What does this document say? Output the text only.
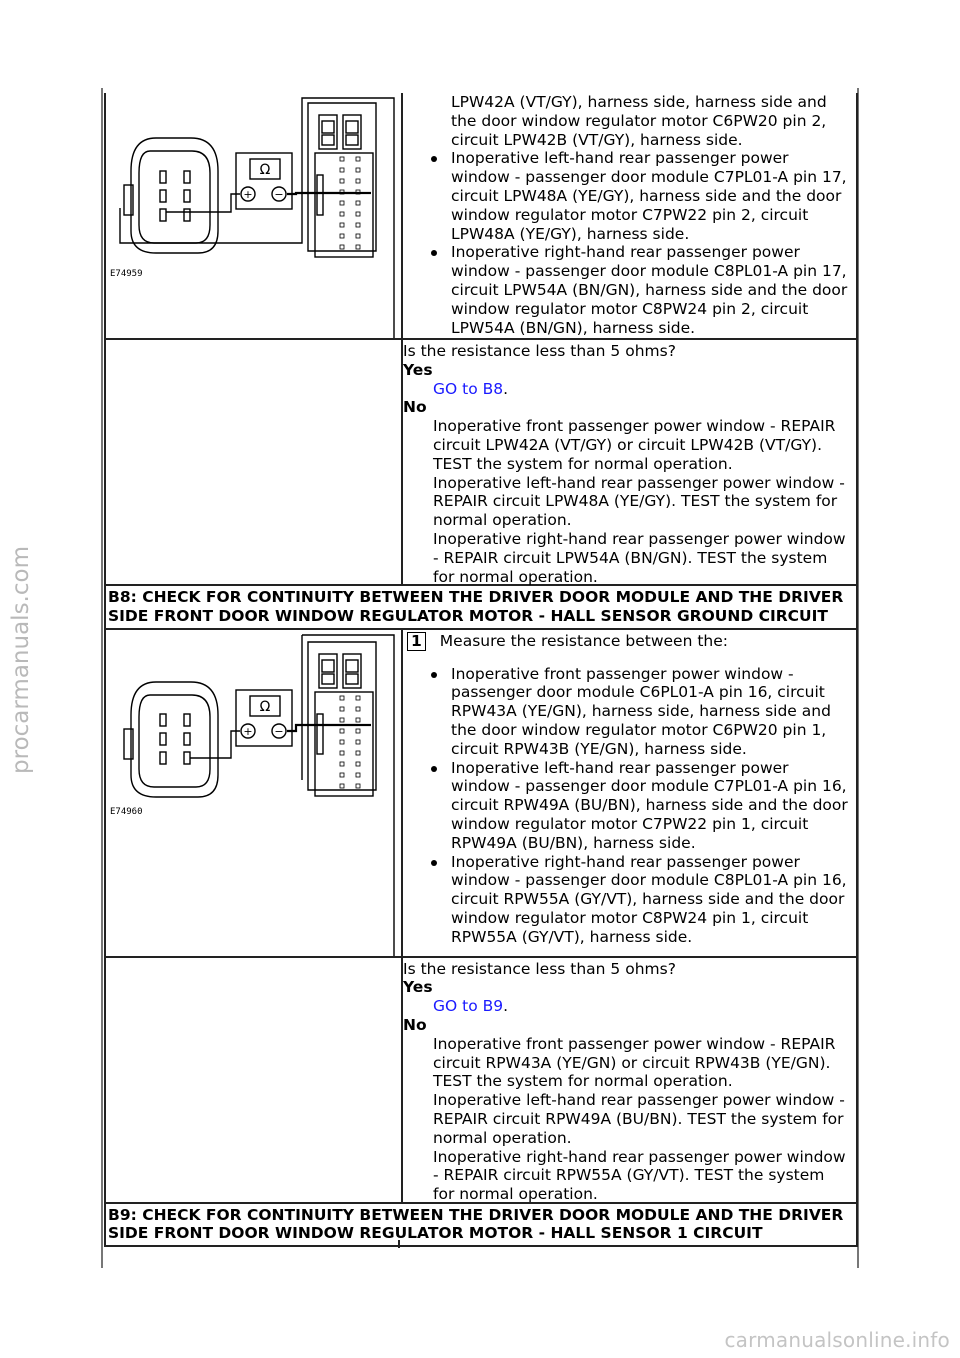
procarmanuals.com
Ω
+ −
E74959
LPW42A (VT/GY), harness side, harness side and
the door window regulator motor C6PW20 pin 2,
circuit LPW42B (VT/GY), harness side.
Inoperative left-hand rear passenger power
window - passenger door module C7PL01-A pin 17,
circuit LPW48A (YE/GY), harness side and the door
window regulator motor C7PW22 pin 2, circuit
LPW48A (YE/GY), harness side.
Inoperative right-hand rear passenger power
window - passenger door module C8PL01-A pin 17,
circuit LPW54A (BN/GN), harness side and the door
window regulator motor C8PW24 pin 2, circuit
LPW54A (BN/GN), harness side.
Is the resistance less than 5 ohms?
Yes
GO to B8.
No
Inoperative front passenger power window - REPAIR
circuit LPW42A (VT/GY) or circuit LPW42B (VT/GY).
TEST the system for normal operation.
Inoperative left-hand rear passenger power window -
REPAIR circuit LPW48A (YE/GY). TEST the system for
normal operation.
Inoperative right-hand rear passenger power window
- REPAIR circuit LPW54A (BN/GN). TEST the system
for normal operation.
B8: CHECK FOR CONTINUITY BETWEEN THE DRIVER DOOR MODULE AND THE DRIVER
SIDE FRONT DOOR WINDOW REGULATOR MOTOR - HALL SENSOR GROUND CIRCUIT
Ω
+ −
E74960
1 Measure the resistance between the:
Inoperative front passenger power window -
passenger door module C6PL01-A pin 16, circuit
RPW43A (YE/GN), harness side, harness side and
the door window regulator motor C6PW20 pin 1,
circuit RPW43B (YE/GN), harness side.
Inoperative left-hand rear passenger power
window - passenger door module C7PL01-A pin 16,
circuit RPW49A (BU/BN), harness side and the door
window regulator motor C7PW22 pin 1, circuit
RPW49A (BU/BN), harness side.
Inoperative right-hand rear passenger power
window - passenger door module C8PL01-A pin 16,
circuit RPW55A (GY/VT), harness side and the door
window regulator motor C8PW24 pin 1, circuit
RPW55A (GY/VT), harness side.
Is the resistance less than 5 ohms?
Yes
GO to B9.
No
Inoperative front passenger power window - REPAIR
circuit RPW43A (YE/GN) or circuit RPW43B (YE/GN).
TEST the system for normal operation.
Inoperative left-hand rear passenger power window -
REPAIR circuit RPW49A (BU/BN). TEST the system for
normal operation.
Inoperative right-hand rear passenger power window
- REPAIR circuit RPW55A (GY/VT). TEST the system
for normal operation.
B9: CHECK FOR CONTINUITY BETWEEN THE DRIVER DOOR MODULE AND THE DRIVER
SIDE FRONT DOOR WINDOW REGULATOR MOTOR - HALL SENSOR 1 CIRCUIT
carmanualsonline.info
